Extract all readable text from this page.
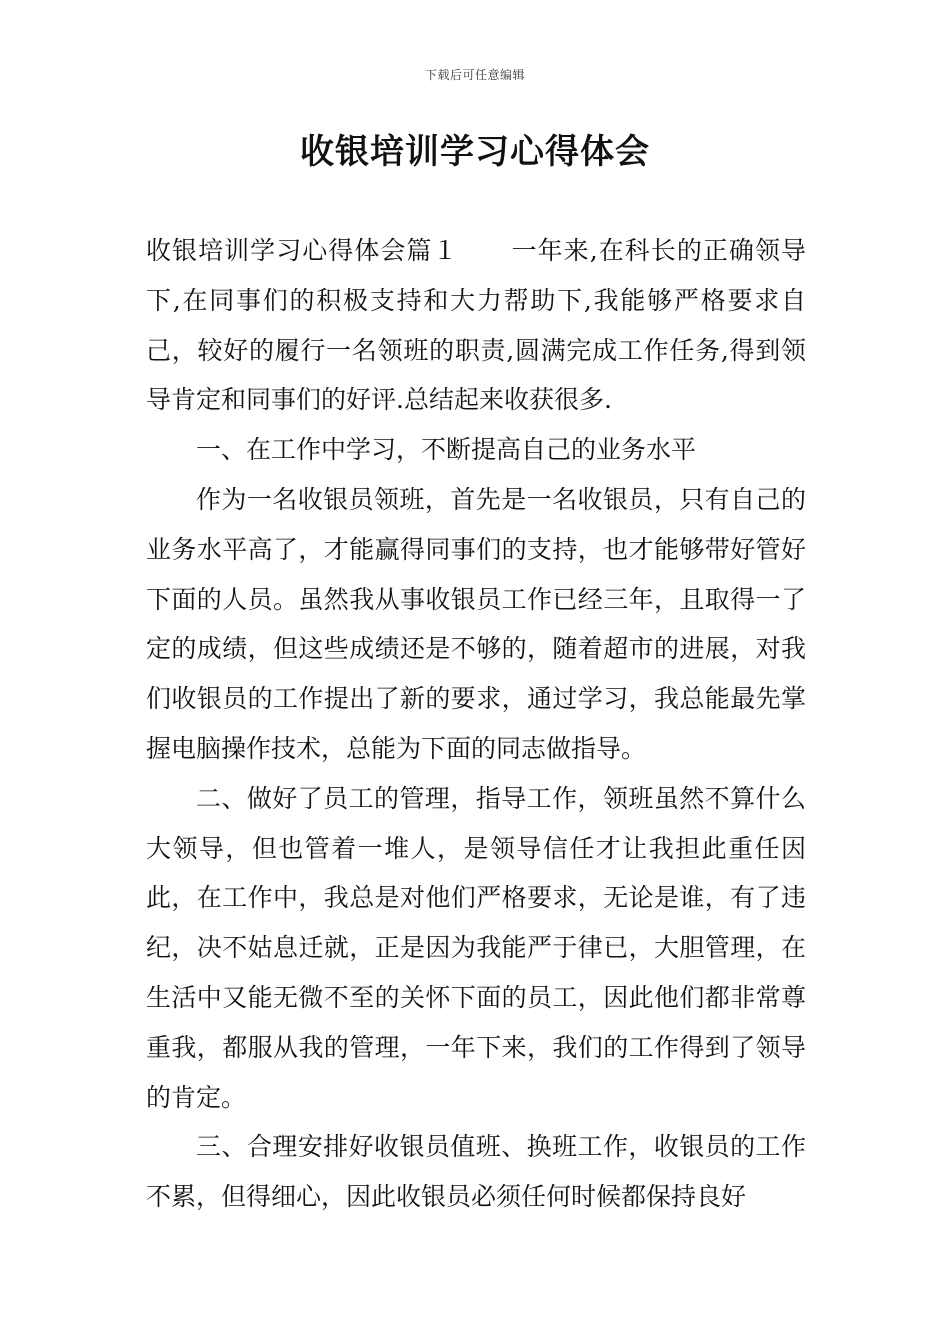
下载后可任意编辑
收银培训学习心得体会

收银培训学习心得体会篇１ 一年来,在科长的正确领导下,在同事们的积极支持和大力帮助下,我能够严格要求自己，较好的履行一名领班的职责,圆满完成工作任务,得到领导肯定和同事们的好评.总结起来收获很多.

一、在工作中学习，不断提高自己的业务水平

作为一名收银员领班，首先是一名收银员，只有自己的业务水平高了，才能赢得同事们的支持，也才能够带好管好下面的人员。虽然我从事收银员工作已经三年，且取得一了定的成绩，但这些成绩还是不够的，随着超市的进展，对我们收银员的工作提出了新的要求，通过学习，我总能最先掌握电脑操作技术，总能为下面的同志做指导。

二、做好了员工的管理，指导工作，领班虽然不算什么大领导，但也管着一堆人，是领导信任才让我担此重任因此，在工作中，我总是对他们严格要求，无论是谁，有了违纪，决不姑息迁就，正是因为我能严于律已，大胆管理，在生活中又能无微不至的关怀下面的员工，因此他们都非常尊重我，都服从我的管理，一年下来，我们的工作得到了领导的肯定。

三、合理安排好收银员值班、换班工作，收银员的工作不累，但得细心，因此收银员必须任何时候都保持良好
